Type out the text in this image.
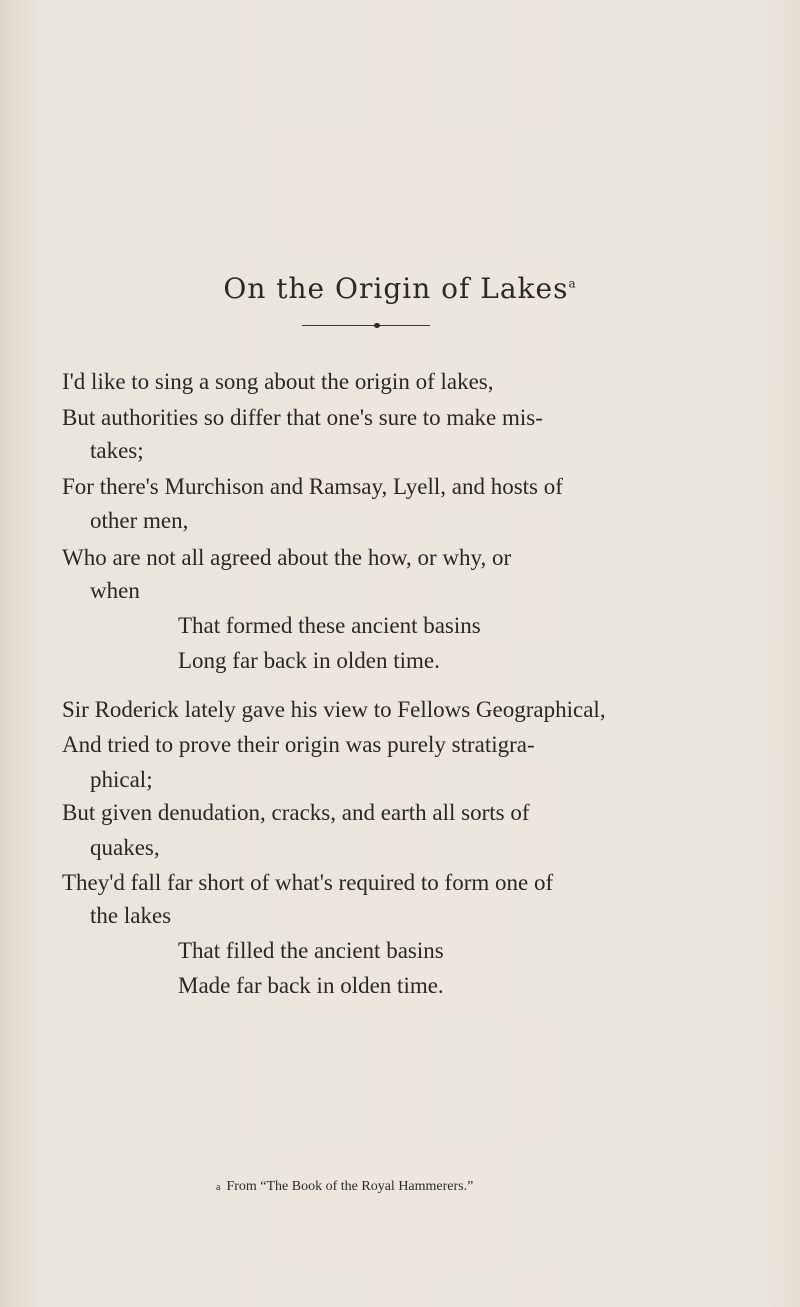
On the Origin of Lakes$^a$
I'd like to sing a song about the origin of lakes,
But authorities so differ that one's sure to make mis-
takes;
For there's Murchison and Ramsay, Lyell, and hosts of
other men,
Who are not all agreed about the how, or why, or
when
That formed these ancient basins
Long far back in olden time.
Sir Roderick lately gave his view to Fellows Geographical,
And tried to prove their origin was purely stratigra-
phical;
But given denudation, cracks, and earth all sorts of
quakes,
They'd fall far short of what's required to form one of
the lakes
That filled the ancient basins
Made far back in olden time.
a From “The Book of the Royal Hammerers.”
